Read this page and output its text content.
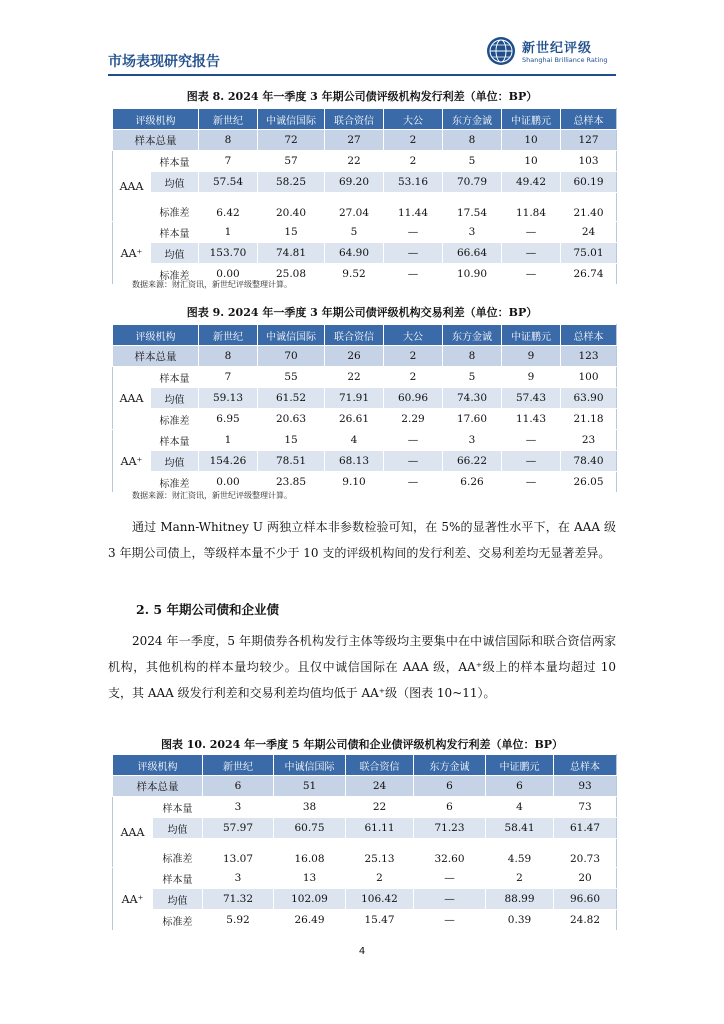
市场表现研究报告
新世纪评级
Shanghai Brilliance Rating
图表 8. 2024 年一季度 3 年期公司债评级机构发行利差（单位：BP）
评级机构		新世纪	中诚信国际	联合资信	大公	东方金诚	中证鹏元	总样本
样本总量		8	72	27	2	8	10	127
AAA	样本量	7	57	22	2	5	10	103
	均值	57.54	58.25	69.20	53.16	70.79	49.42	60.19
	标准差	6.42	20.40	27.04	11.44	17.54	11.84	21.40
AA⁺	样本量	1	15	5	—	3	—	24
	均值	153.70	74.81	64.90	—	66.64	—	75.01
	标准差	0.00	25.08	9.52	—	10.90	—	26.74
数据来源：财汇资讯，新世纪评级整理计算。
图表 9. 2024 年一季度 3 年期公司债评级机构交易利差（单位：BP）
评级机构		新世纪	中诚信国际	联合资信	大公	东方金诚	中证鹏元	总样本
样本总量		8	70	26	2	8	9	123
AAA	样本量	7	55	22	2	5	9	100
	均值	59.13	61.52	71.91	60.96	74.30	57.43	63.90
	标准差	6.95	20.63	26.61	2.29	17.60	11.43	21.18
AA⁺	样本量	1	15	4	—	3	—	23
	均值	154.26	78.51	68.13	—	66.22	—	78.40
	标准差	0.00	23.85	9.10	—	6.26	—	26.05
数据来源：财汇资讯，新世纪评级整理计算。

通过 Mann-Whitney U 两独立样本非参数检验可知，在 5%的显著性水平下，在 AAA 级 3 年期公司债上，等级样本量不少于 10 支的评级机构间的发行利差、交易利差均无显著差异。

2. 5 年期公司债和企业债

2024 年一季度，5 年期债券各机构发行主体等级均主要集中在中诚信国际和联合资信两家机构，其他机构的样本量均较少。且仅中诚信国际在 AAA 级，AA⁺级上的样本量均超过 10 支，其 AAA 级发行利差和交易利差均值均低于 AA⁺级（图表 10~11）。

图表 10. 2024 年一季度 5 年期公司债和企业债评级机构发行利差（单位：BP）
评级机构		新世纪	中诚信国际	联合资信	东方金诚	中证鹏元	总样本
样本总量		6	51	24	6	6	93
AAA	样本量	3	38	22	6	4	73
	均值	57.97	60.75	61.11	71.23	58.41	61.47
	标准差	13.07	16.08	25.13	32.60	4.59	20.73
AA⁺	样本量	3	13	2	—	2	20
	均值	71.32	102.09	106.42	—	88.99	96.60
	标准差	5.92	26.49	15.47	—	0.39	24.82
4
